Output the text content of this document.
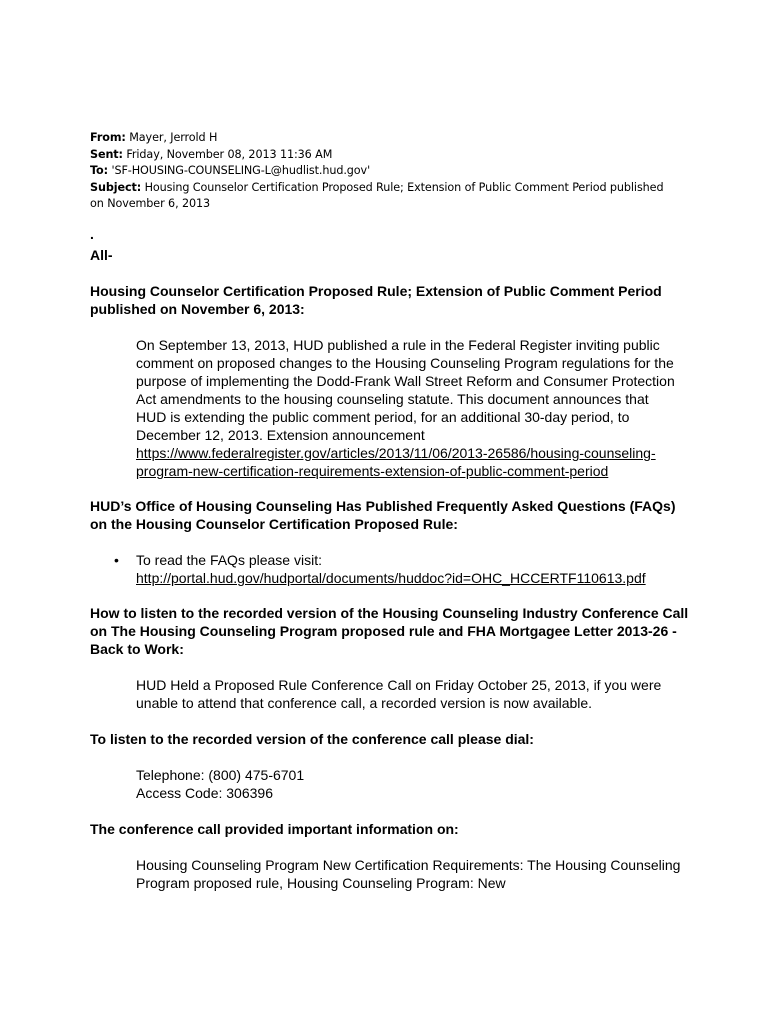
From: Mayer, Jerrold H
Sent: Friday, November 08, 2013 11:36 AM
To: 'SF-HOUSING-COUNSELING-L@hudlist.hud.gov'
Subject: Housing Counselor Certification Proposed Rule; Extension of Public Comment Period published on November 6, 2013
.
All-
Housing Counselor Certification Proposed Rule; Extension of Public Comment Period published on November 6, 2013:
On September 13, 2013, HUD published a rule in the Federal Register inviting public comment on proposed changes to the Housing Counseling Program regulations for the purpose of implementing the Dodd-Frank Wall Street Reform and Consumer Protection Act amendments to the housing counseling statute. This document announces that HUD is extending the public comment period, for an additional 30-day period, to December 12, 2013. Extension announcement https://www.federalregister.gov/articles/2013/11/06/2013-26586/housing-counseling-program-new-certification-requirements-extension-of-public-comment-period
HUD’s Office of Housing Counseling Has Published Frequently Asked Questions (FAQs) on the Housing Counselor Certification Proposed Rule:
• To read the FAQs please visit:
http://portal.hud.gov/hudportal/documents/huddoc?id=OHC_HCCERTF110613.pdf
How to listen to the recorded version of the Housing Counseling Industry Conference Call on The Housing Counseling Program proposed rule and FHA Mortgagee Letter 2013-26 - Back to Work:
HUD Held a Proposed Rule Conference Call on Friday October 25, 2013, if you were unable to attend that conference call, a recorded version is now available.
To listen to the recorded version of the conference call please dial:
Telephone: (800) 475-6701
Access Code: 306396
The conference call provided important information on:
Housing Counseling Program New Certification Requirements: The Housing Counseling Program proposed rule, Housing Counseling Program: New
